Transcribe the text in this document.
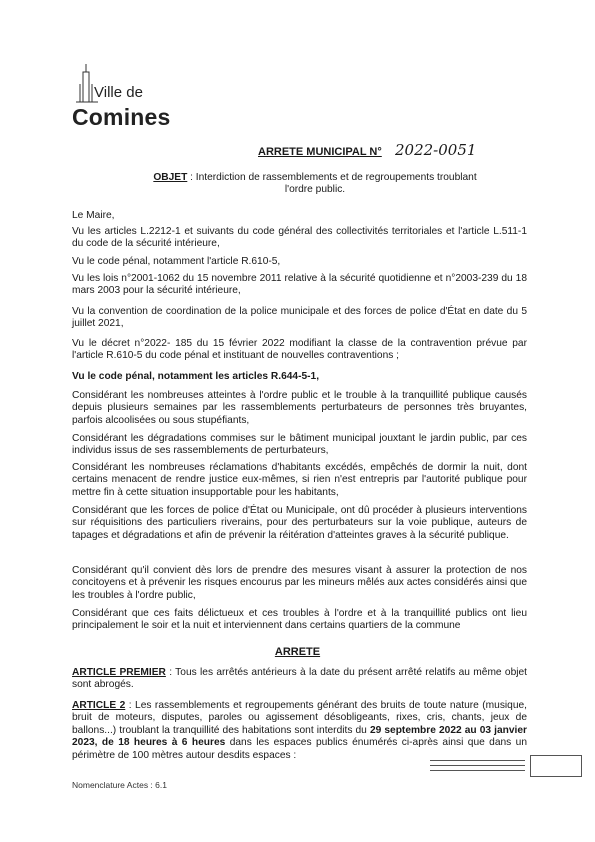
Ville de
Comines
ARRETE MUNICIPAL N° 2022-0051
OBJET : Interdiction de rassemblements et de regroupements troublant l'ordre public.
Le Maire,
Vu les articles L.2212-1 et suivants du code général des collectivités territoriales et l'article L.511-1 du code de la sécurité intérieure,
Vu le code pénal, notamment l'article R.610-5,
Vu les lois n°2001-1062 du 15 novembre 2011 relative à la sécurité quotidienne et n°2003-239 du 18 mars 2003 pour la sécurité intérieure,
Vu la convention de coordination de la police municipale et des forces de police d'État en date du 5 juillet 2021,
Vu le décret n°2022- 185 du 15 février 2022 modifiant la classe de la contravention prévue par l'article R.610-5 du code pénal et instituant de nouvelles contraventions ;
Vu le code pénal, notamment les articles R.644-5-1,
Considérant les nombreuses atteintes à l'ordre public et le trouble à la tranquillité publique causés depuis plusieurs semaines par les rassemblements perturbateurs de personnes très bruyantes, parfois alcoolisées ou sous stupéfiants,
Considérant les dégradations commises sur le bâtiment municipal jouxtant le jardin public, par ces individus issus de ses rassemblements de perturbateurs,
Considérant les nombreuses réclamations d'habitants excédés, empêchés de dormir la nuit, dont certains menacent de rendre justice eux-mêmes, si rien n'est entrepris par l'autorité publique pour mettre fin à cette situation insupportable pour les habitants,
Considérant que les forces de police d'État ou Municipale, ont dû procéder à plusieurs interventions sur réquisitions des particuliers riverains, pour des perturbateurs sur la voie publique, auteurs de tapages et dégradations et afin de prévenir la réitération d'atteintes graves à la sécurité publique.
Considérant qu'il convient dès lors de prendre des mesures visant à assurer la protection de nos concitoyens et à prévenir les risques encourus par les mineurs mêlés aux actes considérés ainsi que les troubles à l'ordre public,
Considérant que ces faits délictueux et ces troubles à l'ordre et à la tranquillité publics ont lieu principalement le soir et la nuit et interviennent dans certains quartiers de la commune
ARRETE
ARTICLE PREMIER : Tous les arrêtés antérieurs à la date du présent arrêté relatifs au même objet sont abrogés.
ARTICLE 2 : Les rassemblements et regroupements générant des bruits de toute nature (musique, bruit de moteurs, disputes, paroles ou agissement désobligeants, rixes, cris, chants, jeux de ballons...) troublant la tranquillité des habitations sont interdits du 29 septembre 2022 au 03 janvier 2023, de 18 heures à 6 heures dans les espaces publics énumérés ci-après ainsi que dans un périmètre de 100 mètres autour desdits espaces :
Nomenclature Actes : 6.1
